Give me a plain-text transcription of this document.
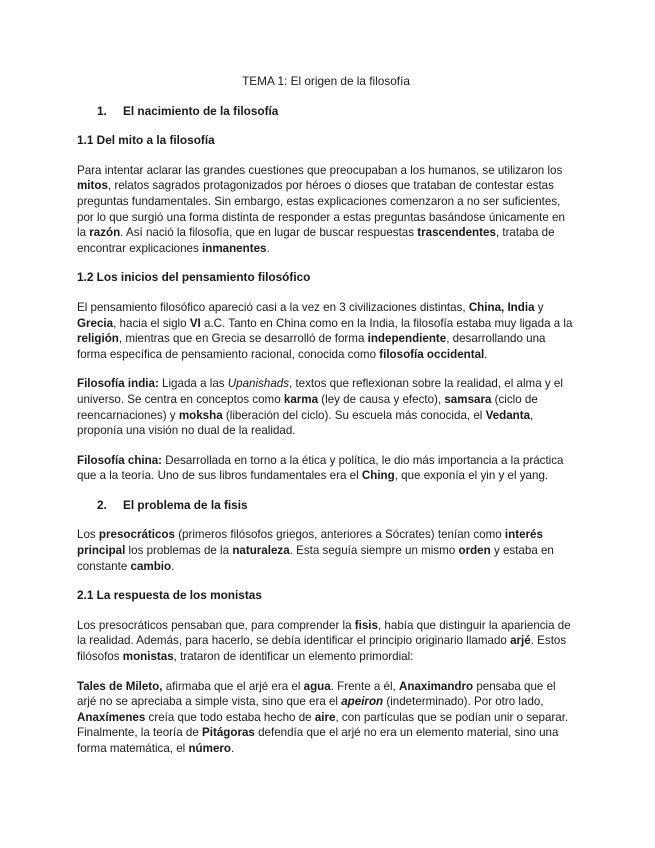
TEMA 1: El origen de la filosofía
1. El nacimiento de la filosofía
1.1 Del mito a la filosofía

Para intentar aclarar las grandes cuestiones que preocupaban a los humanos, se utilizaron los mitos, relatos sagrados protagonizados por héroes o dioses que trataban de contestar estas preguntas fundamentales. Sin embargo, estas explicaciones comenzaron a no ser suficientes, por lo que surgió una forma distinta de responder a estas preguntas basándose únicamente en la razón. Así nació la filosofía, que en lugar de buscar respuestas trascendentes, trataba de encontrar explicaciones inmanentes.

1.2 Los inicios del pensamiento filosófico

El pensamiento filosófico apareció casi a la vez en 3 civilizaciones distintas, China, India y Grecia, hacia el siglo VI a.C. Tanto en China como en la India, la filosofía estaba muy ligada a la religión, mientras que en Grecia se desarrolló de forma independiente, desarrollando una forma específica de pensamiento racional, conocida como filosofía occidental.

Filosofía india: Ligada a las Upanishads, textos que reflexionan sobre la realidad, el alma y el universo. Se centra en conceptos como karma (ley de causa y efecto), samsara (ciclo de reencarnaciones) y moksha (liberación del ciclo). Su escuela más conocida, el Vedanta, proponía una visión no dual de la realidad.

Filosofía china: Desarrollada en torno a la ética y política, le dio más importancia a la práctica que a la teoría. Uno de sus libros fundamentales era el Ching, que exponía el yin y el yang.

2. El problema de la fisis

Los presocráticos (primeros filósofos griegos, anteriores a Sócrates) tenían como interés principal los problemas de la naturaleza. Esta seguía siempre un mismo orden y estaba en constante cambio.

2.1 La respuesta de los monistas

Los presocráticos pensaban que, para comprender la fisis, había que distinguir la apariencia de la realidad. Además, para hacerlo, se debía identificar el principio originario llamado arjé. Estos filósofos monistas, trataron de identificar un elemento primordial:

Tales de Mileto, afirmaba que el arjé era el agua. Frente a él, Anaximandro pensaba que el arjé no se apreciaba a simple vista, sino que era el apeiron (indeterminado). Por otro lado, Anaxímenes creía que todo estaba hecho de aire, con partículas que se podían unir o separar. Finalmente, la teoría de Pitágoras defendía que el arjé no era un elemento material, sino una forma matemática, el número.
